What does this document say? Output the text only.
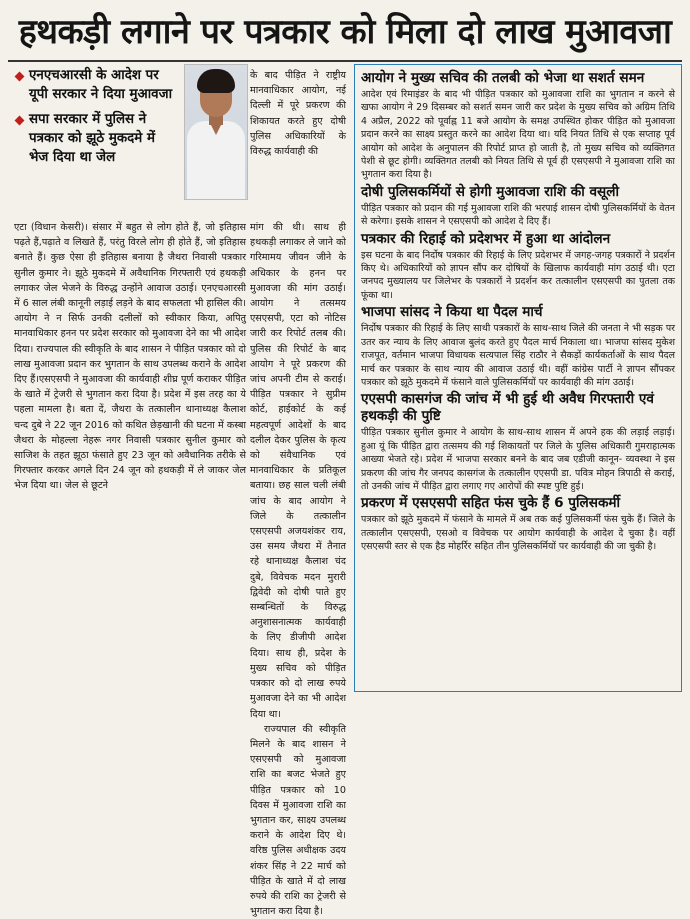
हथकड़ी लगाने पर पत्रकार को मिला दो लाख मुआवजा
एनएचआरसी के आदेश पर यूपी सरकार ने दिया मुआवजा
सपा सरकार में पुलिस ने पत्रकार को झूठे मुकदमे में भेज दिया था जेल
के बाद पीड़ित ने राष्ट्रीय मानवाधिकार आयोग, नई दिल्ली में पूरे प्रकरण की शिकायत करते हुए दोषी पुलिस अधिकारियों के विरुद्ध कार्यवाही की
एटा (विधान केसरी)। संसार में बहुत से लोग होते हैं, जो इतिहास पढ़ते हैं,पढ़ाते व लिखते हैं, परंतु विरले लोग ही होते हैं, जो इतिहास बनाते हैं। कुछ ऐसा ही इतिहास बनाया है जैथरा निवासी पत्रकार सुनील कुमार ने। झूठे मुकदमे में अवैधानिक गिरफ्तारी एवं हथकड़ी लगाकर जेल भेजने के विरुद्ध उन्होंने आवाज उठाई। एनएचआरसी में 6 साल लंबी कानूनी लड़ाई लड़ने के बाद सफलता भी हासिल की। आयोग ने न सिर्फ उनकी दलीलों को स्वीकार किया, अपितु मानवाधिकार हनन पर प्रदेश सरकार को मुआवजा देने का भी आदेश दिया। राज्यपाल की स्वीकृति के बाद शासन ने पीड़ित पत्रकार को दो लाख मुआवजा प्रदान कर भुगतान के साथ उपलब्ध कराने के आदेश दिए हैं।एसएसपी ने मुआवजा की कार्यवाही शीघ्र पूर्ण कराकर पीड़ित के खाते में ट्रेजरी से भुगतान करा दिया है। प्रदेश में इस तरह का ये पहला मामला है। बता दें, जैथरा के तत्कालीन थानाध्यक्ष कैलाश चन्द दुबे ने 22 जून 2016 को कथित छेड़खानी की घटना में कस्बा जैथरा के मोहल्ला नेहरू नगर निवासी पत्रकार सुनील कुमार को साजिश के तहत झूठा फंसाते हुए 23 जून को अवैधानिक तरीके से गिरफ्तार करकर अगले दिन 24 जून को हथकड़ी में ले जाकर जेल भेज दिया था। जेल से छूटने

मांग की थी। साथ ही हथकड़ी लगाकर ले जाने को गरिमामय जीवन जीने के अधिकार के हनन पर मुआवजा की मांग उठाई। आयोग ने तत्समय एसएसपी, एटा को नोटिस जारी कर रिपोर्ट तलब की। पुलिस की रिपोर्ट के बाद आयोग ने पूरे प्रकरण की जांच अपनी टीम से कराई। पीड़ित पत्रकार ने सुप्रीम कोर्ट, हाईकोर्ट के कई महत्वपूर्ण आदेशों के बाद दलील देकर पुलिस के कृत्य को संवैधानिक एवं मानवाधिकार के प्रतिकूल बताया। छह साल चली लंबी जांच के बाद आयोग ने जिले के तत्कालीन एसएसपी अजयशंकर राय, उस समय जैथरा में तैनात रहे थानाध्यक्ष कैलाश चंद दुबे, विवेचक मदन मुरारी द्विवेदी को दोषी पाते हुए सम्बन्धितों के विरुद्ध अनुशासनात्मक कार्यवाही के लिए डीजीपी आदेश दिया। साथ ही, प्रदेश के मुख्य सचिव को पीड़ित पत्रकार को दो लाख रुपये मुआवजा देने का भी आदेश दिया था।

राज्यपाल की स्वीकृति मिलने के बाद शासन ने एसएसपी को मुआवजा राशि का बजट भेजते हुए पीड़ित पत्रकार को 10 दिवस में मुआवजा राशि का भुगतान कर, साक्ष्य उपलब्ध कराने के आदेश दिए थे। वरिष्ठ पुलिस अधीक्षक उदय शंकर सिंह ने 22 मार्च को पीड़ित के खाते में दो लाख रुपये की राशि का ट्रेजरी से भुगतान करा दिया है।

आयोग ने मुख्य सचिव की तलबी को भेजा था सशर्त समन

आदेश एवं रिमाइंडर के बाद भी पीड़ित पत्रकार को मुआवजा राशि का भुगतान न करने से खफा आयोग ने 29 दिसम्बर को सशर्त समन जारी कर प्रदेश के मुख्य सचिव को अग्रिम तिथि 4 अप्रैल, 2022 को पूर्वाह्न 11 बजे आयोग के समक्ष उपस्थित होकर पीड़ित को मुआवजा प्रदान करने का साक्ष्य प्रस्तुत करने का आदेश दिया था। यदि नियत तिथि से एक सप्ताह पूर्व आयोग को आदेश के अनुपालन की रिपोर्ट प्राप्त हो जाती है, तो मुख्य सचिव को व्यक्तिगत पेशी से छूट होगी। व्यक्तिगत तलबी को नियत तिथि से पूर्व ही एसएसपी ने मुआवजा राशि का भुगतान करा दिया है।

दोषी पुलिसकर्मियों से होगी मुआवजा राशि की वसूली

पीड़ित पत्रकार को प्रदान की गई मुआवजा राशि की भरपाई शासन दोषी पुलिसकर्मियों के वेतन से करेगा। इसके शासन ने एसएसपी को आदेश दे दिए हैं।

पत्रकार की रिहाई को प्रदेशभर में हुआ था आंदोलन

इस घटना के बाद निर्दोष पत्रकार की रिहाई के लिए प्रदेशभर में जगह-जगह पत्रकारों ने प्रदर्शन किए थे। अधिकारियों को ज्ञापन सौंप कर दोषियों के खिलाफ कार्यवाही मांग उठाई थी। एटा जनपद मुख्यालय पर जिलेभर के पत्रकारों ने प्रदर्शन कर तत्कालीन एसएसपी का पुतला तक फूंका था।

भाजपा सांसद ने किया था पैदल मार्च

निर्दोष पत्रकार की रिहाई के लिए साथी पत्रकारों के साथ-साथ जिले की जनता ने भी सड़क पर उतर कर न्याय के लिए आवाज बुलंद करते हुए पैदल मार्च निकाला था। भाजपा सांसद मुकेश राजपूत, वर्तमान भाजपा विधायक सत्यपाल सिंह राठौर ने सैकड़ों कार्यकर्ताओं के साथ पैदल मार्च कर पत्रकार के साथ न्याय की आवाज उठाई थी। वहीं कांग्रेस पार्टी ने ज्ञापन सौंपकर पत्रकार को झूठे मुकदमे में फंसाने वाले पुलिसकर्मियों पर कार्यवाही की मांग उठाई।

एएसपी कासगंज की जांच में भी हुई थी अवैध गिरफ्तारी एवं हथकड़ी की पुष्टि

पीड़ित पत्रकार सुनील कुमार ने आयोग के साथ-साथ शासन में अपने हक की लड़ाई लड़ाई। हुआ यूं कि पीड़ित द्वारा तत्समय की गई शिकायतों पर जिले के पुलिस अधिकारी गुमराहात्मक आख्या भेजते रहे। प्रदेश में भाजपा सरकार बनने के बाद जब एडीजी कानून- व्यवस्था ने इस प्रकरण की जांच गैर जनपद कासगंज के तत्कालीन एएसपी डा. पवित्र मोहन त्रिपाठी से कराई, तो उनकी जांच में पीड़ित द्वारा लगाए गए आरोपों की स्पष्ट पुष्टि हुई।

प्रकरण में एसएसपी सहित फंस चुके हैं 6 पुलिसकर्मी

पत्रकार को झूठे मुकदमे में फंसाने के मामले में अब तक कई पुलिसकर्मी फंस चुके हैं। जिले के तत्कालीन एसएसपी, एसओ व विवेचक पर आयोग कार्यवाही के आदेश दे चुका है। वहीं एसएसपी स्तर से एक हैड मोहर्रिर सहित तीन पुलिसकर्मियों पर कार्यवाही की जा चुकी है।
